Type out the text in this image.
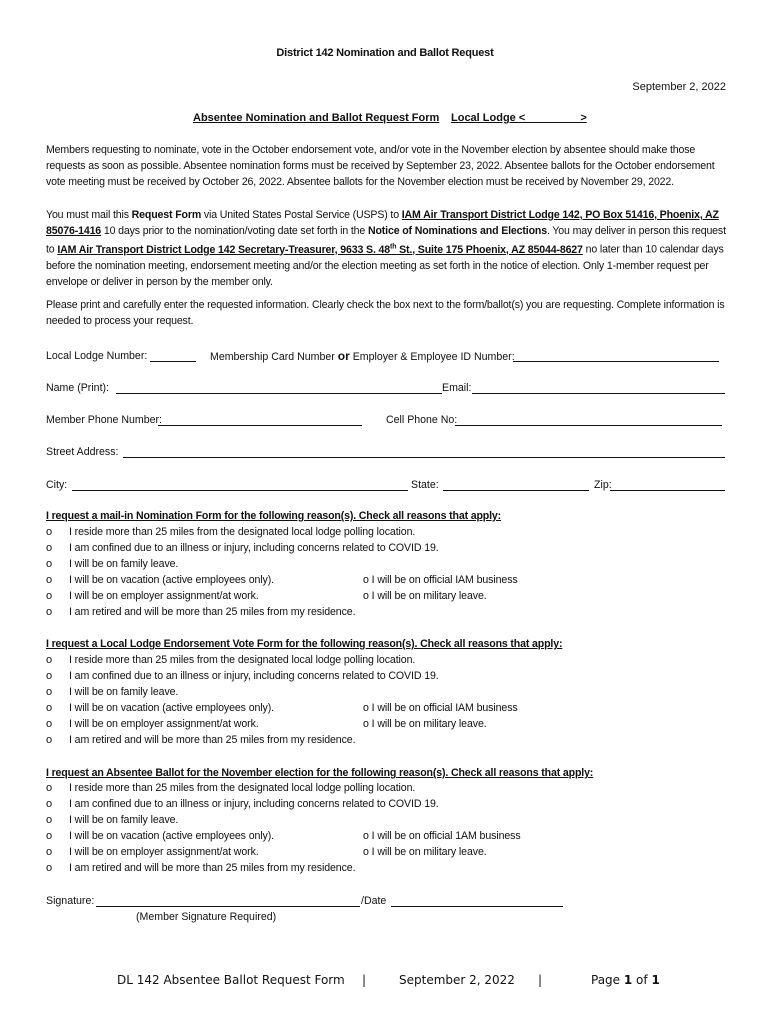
District 142 Nomination and Ballot Request
September 2, 2022
Absentee Nomination and Ballot Request Form Local Lodge <_________>
Members requesting to nominate, vote in the October endorsement vote, and/or vote in the November election by absentee should make those requests as soon as possible. Absentee nomination forms must be received by September 23, 2022. Absentee ballots for the October endorsement vote meeting must be received by October 26, 2022. Absentee ballots for the November election must be received by November 29, 2022.
You must mail this Request Form via United States Postal Service (USPS) to IAM Air Transport District Lodge 142, PO Box 51416, Phoenix, AZ 85076-1416 10 days prior to the nomination/voting date set forth in the Notice of Nominations and Elections. You may deliver in person this request to IAM Air Transport District Lodge 142 Secretary-Treasurer, 9633 S. 48th St., Suite 175 Phoenix, AZ 85044-8627 no later than 10 calendar days before the nomination meeting, endorsement meeting and/or the election meeting as set forth in the notice of election. Only 1-member request per envelope or deliver in person by the member only.
Please print and carefully enter the requested information. Clearly check the box next to the form/ballot(s) you are requesting. Complete information is needed to process your request.
Local Lodge Number:	Membership Card Number or Employer & Employee ID Number:
Name (Print):	Email:
Member Phone Number:	Cell Phone No:
Street Address:
City:	State:	Zip:
I request a mail-in Nomination Form for the following reason(s). Check all reasons that apply:
o I reside more than 25 miles from the designated local lodge polling location.
o I am confined due to an illness or injury, including concerns related to COVID 19.
o I will be on family leave.
o I will be on vacation (active employees only).	o I will be on official IAM business
o I will be on employer assignment/at work.	o I will be on military leave.
o I am retired and will be more than 25 miles from my residence.
I request a Local Lodge Endorsement Vote Form for the following reason(s). Check all reasons that apply:
o I reside more than 25 miles from the designated local lodge polling location.
o I am confined due to an illness or injury, including concerns related to COVID 19.
o I will be on family leave.
o I will be on vacation (active employees only).	o I will be on official IAM business
o I will be on employer assignment/at work.	o I will be on military leave.
o I am retired and will be more than 25 miles from my residence.
I request an Absentee Ballot for the November election for the following reason(s). Check all reasons that apply:
o I reside more than 25 miles from the designated local lodge polling location.
o I am confined due to an illness or injury, including concerns related to COVID 19.
o I will be on family leave.
o I will be on vacation (active employees only).	o I will be on official 1AM business
o I will be on employer assignment/at work.	o I will be on military leave.
o I am retired and will be more than 25 miles from my residence.
Signature:	/Date
(Member Signature Required)
DL 142 Absentee Ballot Request Form |	September 2, 2022 |	Page 1 of 1
